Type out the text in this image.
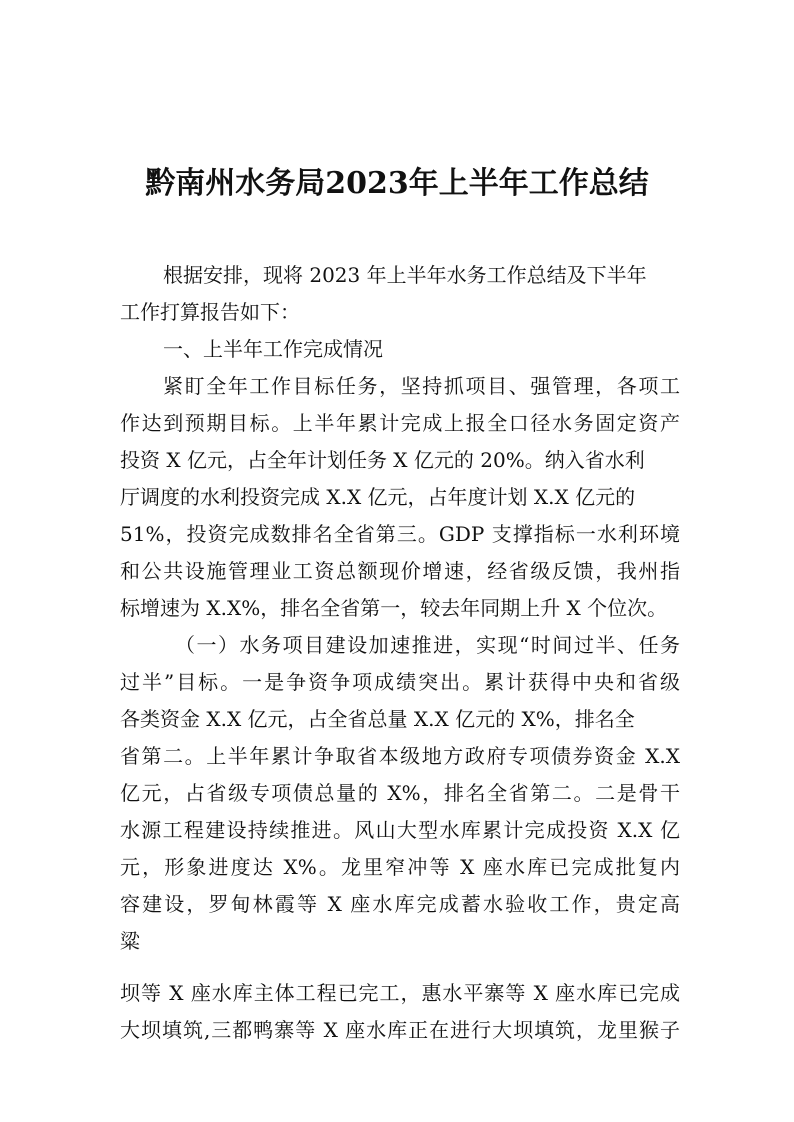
黔南州水务局2023年上半年工作总结
根据安排，现将 2023 年上半年水务工作总结及下半年
工作打算报告如下：
一、上半年工作完成情况
紧盯全年工作目标任务，坚持抓项目、强管理，各项工
作达到预期目标。上半年累计完成上报全口径水务固定资产
投资 X 亿元，占全年计划任务 X 亿元的 20%。纳入省水利
厅调度的水利投资完成 X.X 亿元，占年度计划 X.X 亿元的
51%，投资完成数排名全省第三。GDP 支撑指标一水利环境
和公共设施管理业工资总额现价增速，经省级反馈，我州指
标增速为 X.X%，排名全省第一，较去年同期上升 X 个位次。
（一）水务项目建设加速推进，实现“时间过半、任务
过半”目标。一是争资争项成绩突出。累计获得中央和省级
各类资金 X.X 亿元，占全省总量 X.X 亿元的 X%，排名全
省第二。上半年累计争取省本级地方政府专项债券资金 X.X
亿元，占省级专项债总量的 X%，排名全省第二。二是骨干
水源工程建设持续推进。风山大型水库累计完成投资 X.X 亿
元，形象进度达 X%。龙里窄冲等 X 座水库已完成批复内
容建设，罗甸林霞等 X 座水库完成蓄水验收工作，贵定高
粱
坝等 X 座水库主体工程已完工，惠水平寨等 X 座水库已完成
大坝填筑,三都鸭寨等 X 座水库正在进行大坝填筑，龙里猴子
